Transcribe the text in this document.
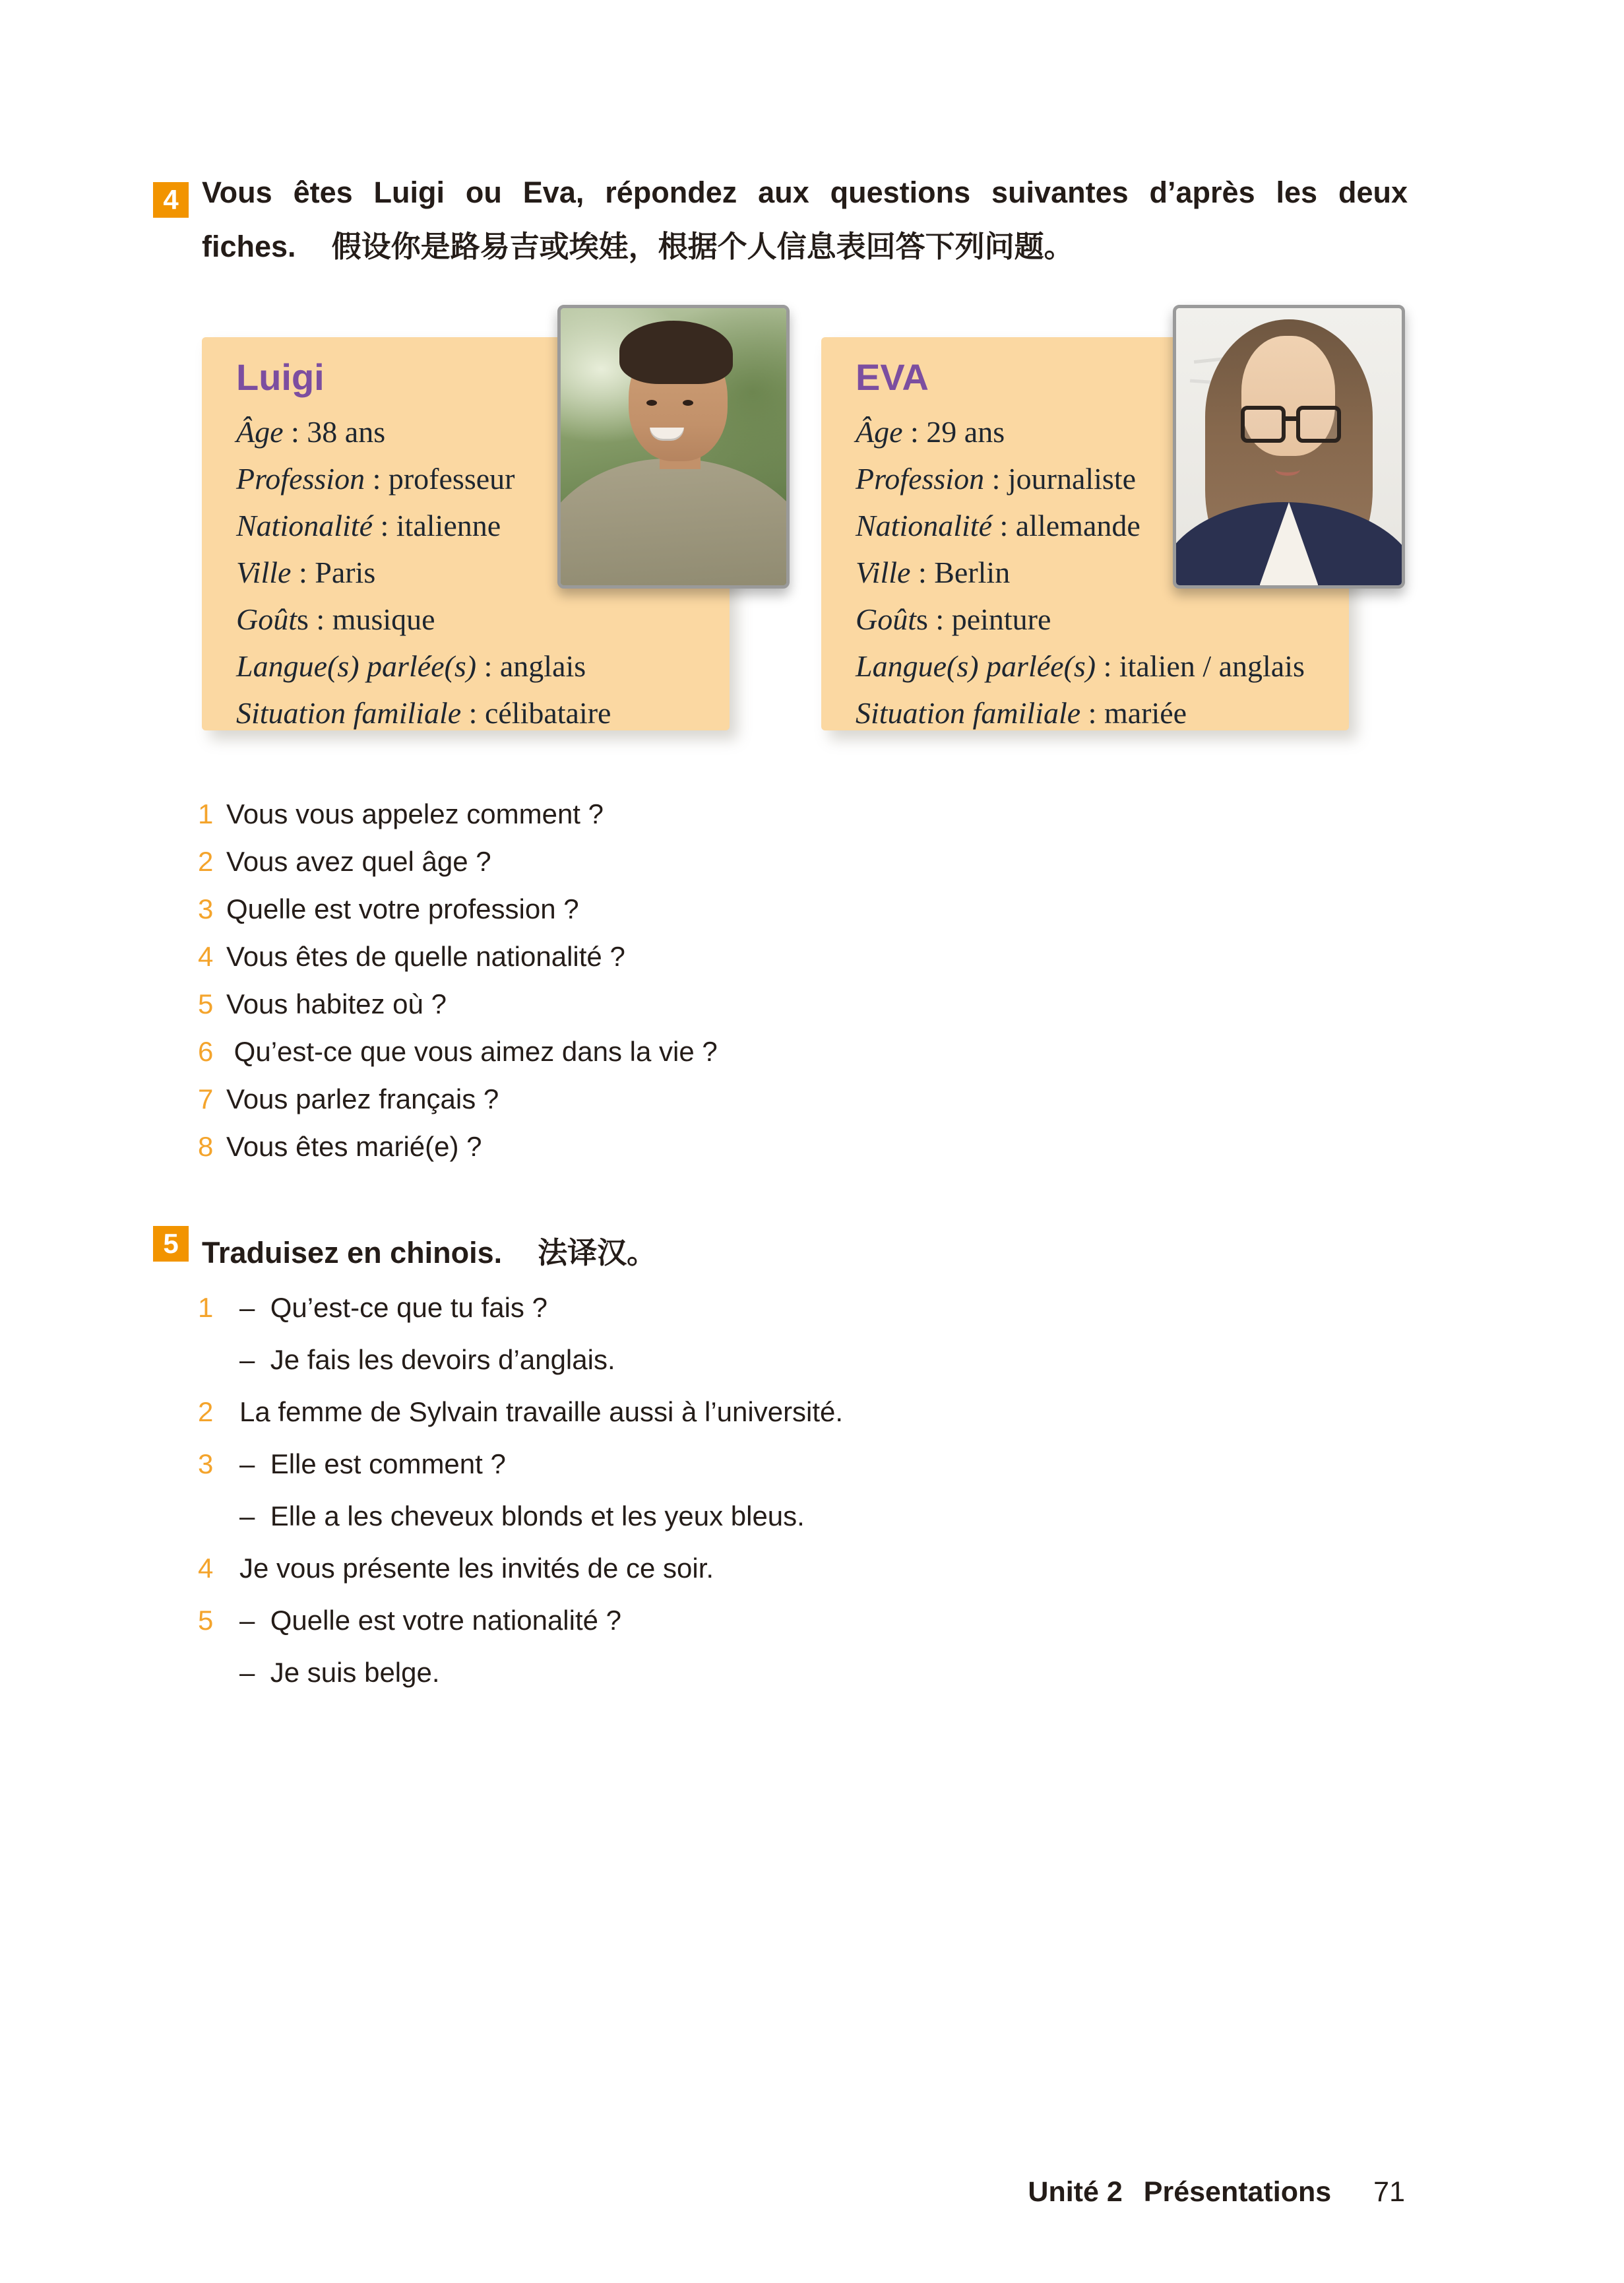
4 Vous êtes Luigi ou Eva, répondez aux questions suivantes d’après les deux
fiches. 假设你是路易吉或埃娃，根据个人信息表回答下列问题。
Luigi
Âge : 38 ans
Profession : professeur
Nationalité : italienne
Ville : Paris
Goûts : musique
Langue(s) parlée(s) : anglais
Situation familiale : célibataire
EVA
Âge : 29 ans
Profession : journaliste
Nationalité : allemande
Ville : Berlin
Goûts : peinture
Langue(s) parlée(s) : italien / anglais
Situation familiale : mariée
1 Vous vous appelez comment ?
2 Vous avez quel âge ?
3 Quelle est votre profession ?
4 Vous êtes de quelle nationalité ?
5 Vous habitez où ?
6 Qu’est-ce que vous aimez dans la vie ?
7 Vous parlez français ?
8 Vous êtes marié(e) ?
5 Traduisez en chinois. 法译汉。
1 –  Qu’est-ce que tu fais ?
–  Je fais les devoirs d’anglais.
2 La femme de Sylvain travaille aussi à l’université.
3 –  Elle est comment ?
–  Elle a les cheveux blonds et les yeux bleus.
4 Je vous présente les invités de ce soir.
5 –  Quelle est votre nationalité ?
–  Je suis belge.
Unité 2 Présentations 71
